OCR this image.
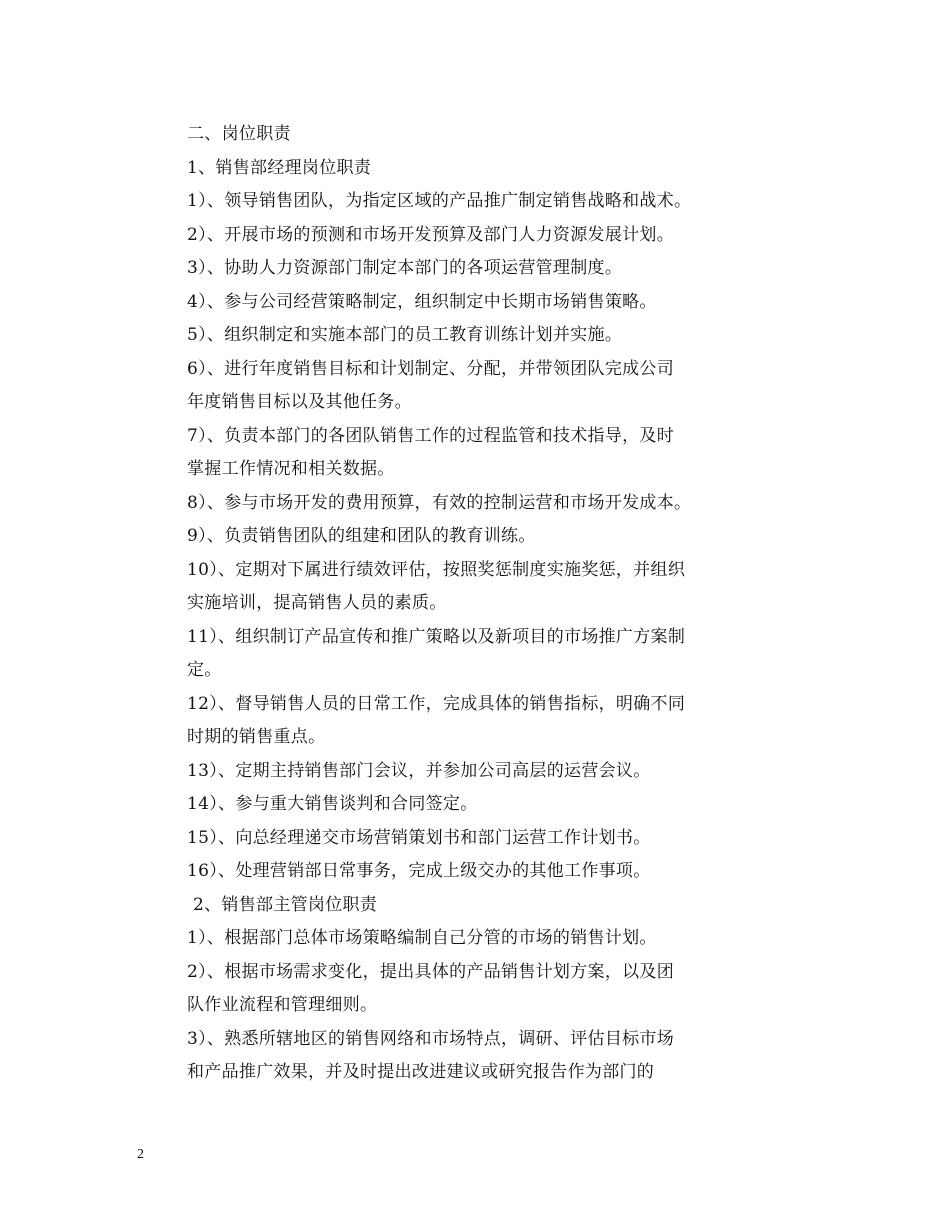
二、岗位职责
1、销售部经理岗位职责
1）、领导销售团队，为指定区域的产品推广制定销售战略和战术。
2）、开展市场的预测和市场开发预算及部门人力资源发展计划。
3）、协助人力资源部门制定本部门的各项运营管理制度。
4）、参与公司经营策略制定，组织制定中长期市场销售策略。
5）、组织制定和实施本部门的员工教育训练计划并实施。
6）、进行年度销售目标和计划制定、分配，并带领团队完成公司
年度销售目标以及其他任务。
7）、负责本部门的各团队销售工作的过程监管和技术指导，及时
掌握工作情况和相关数据。
8）、参与市场开发的费用预算，有效的控制运营和市场开发成本。
9）、负责销售团队的组建和团队的教育训练。
10）、定期对下属进行绩效评估，按照奖惩制度实施奖惩，并组织
实施培训，提高销售人员的素质。
11）、组织制订产品宣传和推广策略以及新项目的市场推广方案制
定。
12）、督导销售人员的日常工作，完成具体的销售指标，明确不同
时期的销售重点。
13）、定期主持销售部门会议，并参加公司高层的运营会议。
14）、参与重大销售谈判和合同签定。
15）、向总经理递交市场营销策划书和部门运营工作计划书。
16）、处理营销部日常事务，完成上级交办的其他工作事项。
2、销售部主管岗位职责
1）、根据部门总体市场策略编制自己分管的市场的销售计划。
2）、根据市场需求变化，提出具体的产品销售计划方案，以及团
队作业流程和管理细则。
3）、熟悉所辖地区的销售网络和市场特点，调研、评估目标市场
和产品推广效果，并及时提出改进建议或研究报告作为部门的
2
